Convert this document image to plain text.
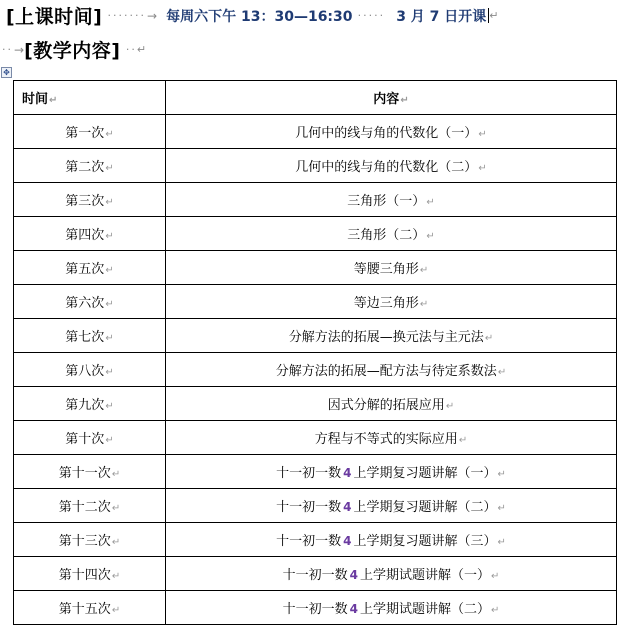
[上课时间] ·······→ 每周六下午 13：30—16:30 ····· 3 月 7 日开课 ↵
··→[教学内容] ··↵
✥
时间↵	内容↵
第一次↵	几何中的线与角的代数化（一）↵
第二次↵	几何中的线与角的代数化（二）↵
第三次↵	三角形（一）↵
第四次↵	三角形（二）↵
第五次↵	等腰三角形↵
第六次↵	等边三角形↵
第七次↵	分解方法的拓展—换元法与主元法↵
第八次↵	分解方法的拓展—配方法与待定系数法↵
第九次↵	因式分解的拓展应用↵
第十次↵	方程与不等式的实际应用↵
第十一次↵	十一初一数 4 上学期复习题讲解（一）↵
第十二次↵	十一初一数 4 上学期复习题讲解（二）↵
第十三次↵	十一初一数 4 上学期复习题讲解（三）↵
第十四次↵	十一初一数 4 上学期试题讲解（一）↵
第十五次↵	十一初一数 4 上学期试题讲解（二）↵
